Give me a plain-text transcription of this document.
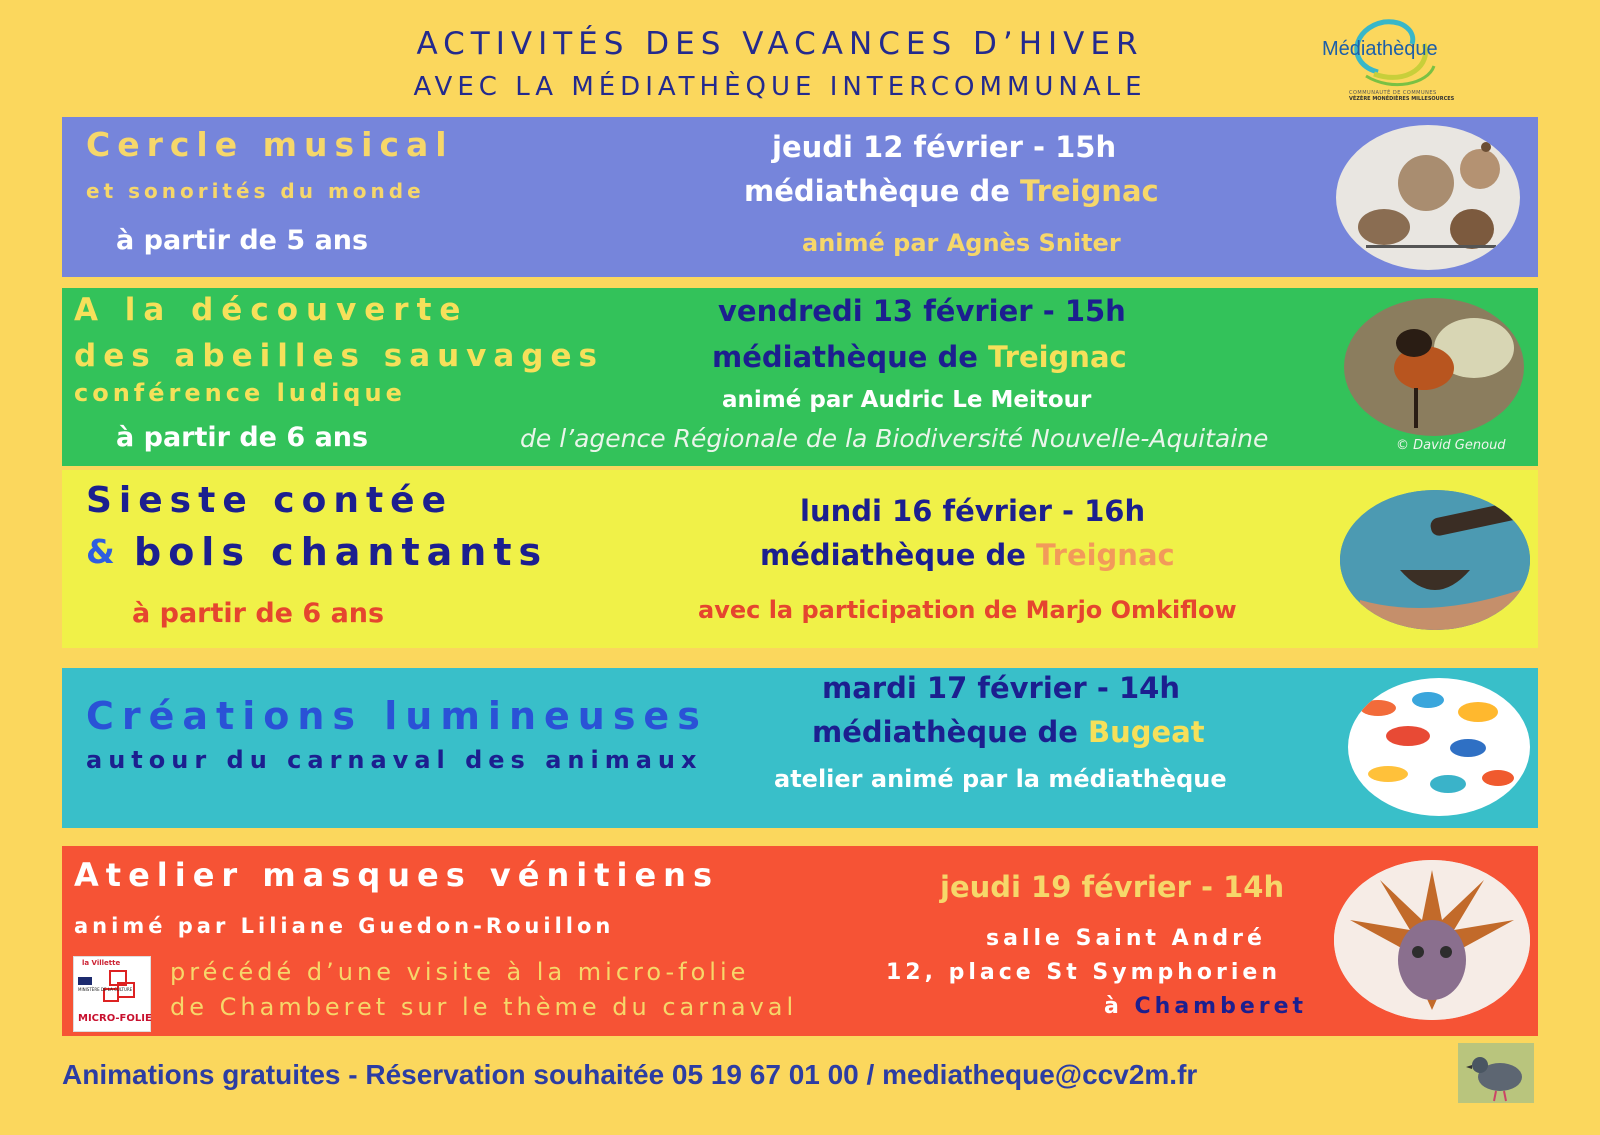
ACTIVITÉS DES VACANCES D’HIVER
AVEC LA MÉDIATHÈQUE INTERCOMMUNALE
Médiathèque
COMMUNAUTÉ DE COMMUNES
VÉZÈRE MONÉDIÈRES MILLESOURCES
Cercle musical
et sonorités du monde
à partir de 5 ans
jeudi 12 février - 15h
médiathèque de Treignac
animé par Agnès Sniter
A la découverte
des abeilles sauvages
conférence ludique
à partir de 6 ans
vendredi 13 février - 15h
médiathèque de Treignac
animé par Audric Le Meitour
de l’agence Régionale de la Biodiversité Nouvelle-Aquitaine	© David Genoud
Sieste contée
& bols chantants
à partir de 6 ans
lundi 16 février - 16h
médiathèque de Treignac
avec la participation de Marjo Omkiflow
Créations lumineuses
autour du carnaval des animaux
mardi 17 février - 14h
médiathèque de Bugeat
atelier animé par la médiathèque
Atelier masques vénitiens
animé par Liliane Guedon-Rouillon
précédé d’une visite à la micro-folie
de Chamberet sur le thème du carnaval
jeudi 19 février - 14h
salle Saint André
12, place St Symphorien
à Chamberet
la Villette
MINISTÈRE DE LA CULTURE
MICRO-FOLIE
Animations gratuites - Réservation souhaitée 05 19 67 01 00 / mediatheque@ccv2m.fr
